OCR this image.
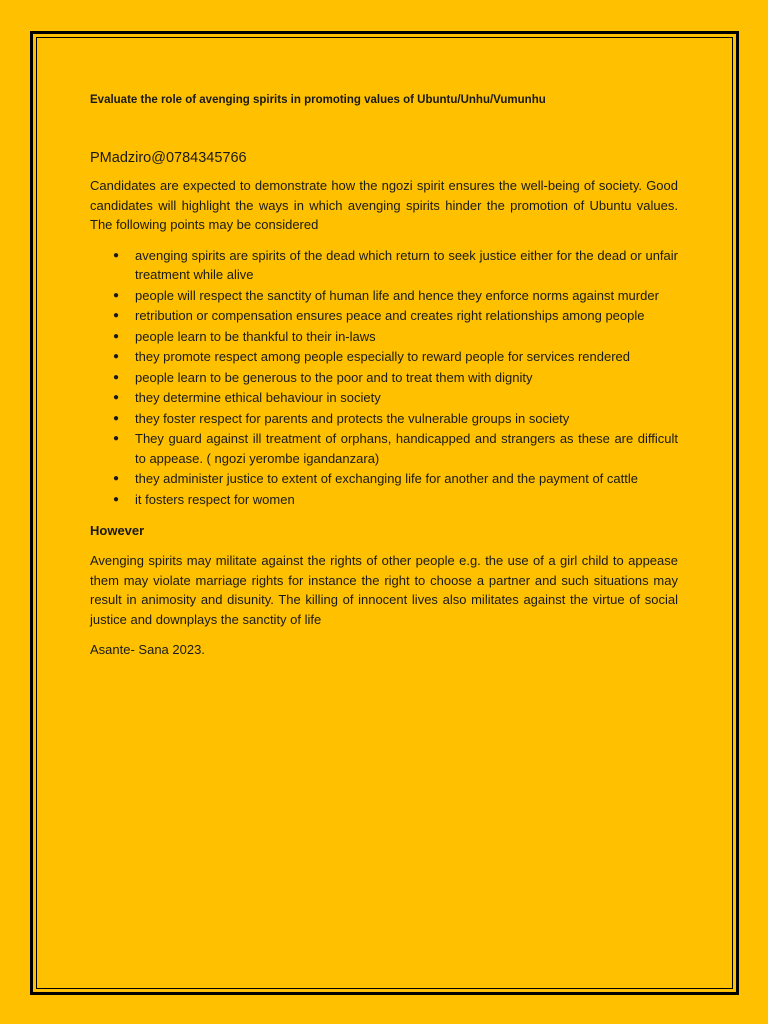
Evaluate the role of avenging spirits in promoting values of Ubuntu/Unhu/Vumunhu

PMadziro@0784345766

Candidates are expected to demonstrate how the ngozi spirit ensures the well-being of society. Good candidates will highlight the ways in which avenging spirits hinder the promotion of Ubuntu values. The following points may be considered

● avenging spirits are spirits of the dead which return to seek justice either for the dead or unfair treatment while alive
● people will respect the sanctity of human life and hence they enforce norms against murder
● retribution or compensation ensures peace and creates right relationships among people
● people learn to be thankful to their in-laws
● they promote respect among people especially to reward people for services rendered
● people learn to be generous to the poor and to treat them with dignity
● they determine ethical behaviour in society
● they foster respect for parents and protects the vulnerable groups in society
● They guard against ill treatment of orphans, handicapped and strangers as these are difficult to appease. ( ngozi yerombe igandanzara)
● they administer justice to extent of exchanging life for another and the payment of cattle
● it fosters respect for women

However

Avenging spirits may militate against the rights of other people e.g. the use of a girl child to appease them may violate marriage rights for instance the right to choose a partner and such situations may result in animosity and disunity. The killing of innocent lives also militates against the virtue of social justice and downplays the sanctity of life

Asante- Sana 2023.
